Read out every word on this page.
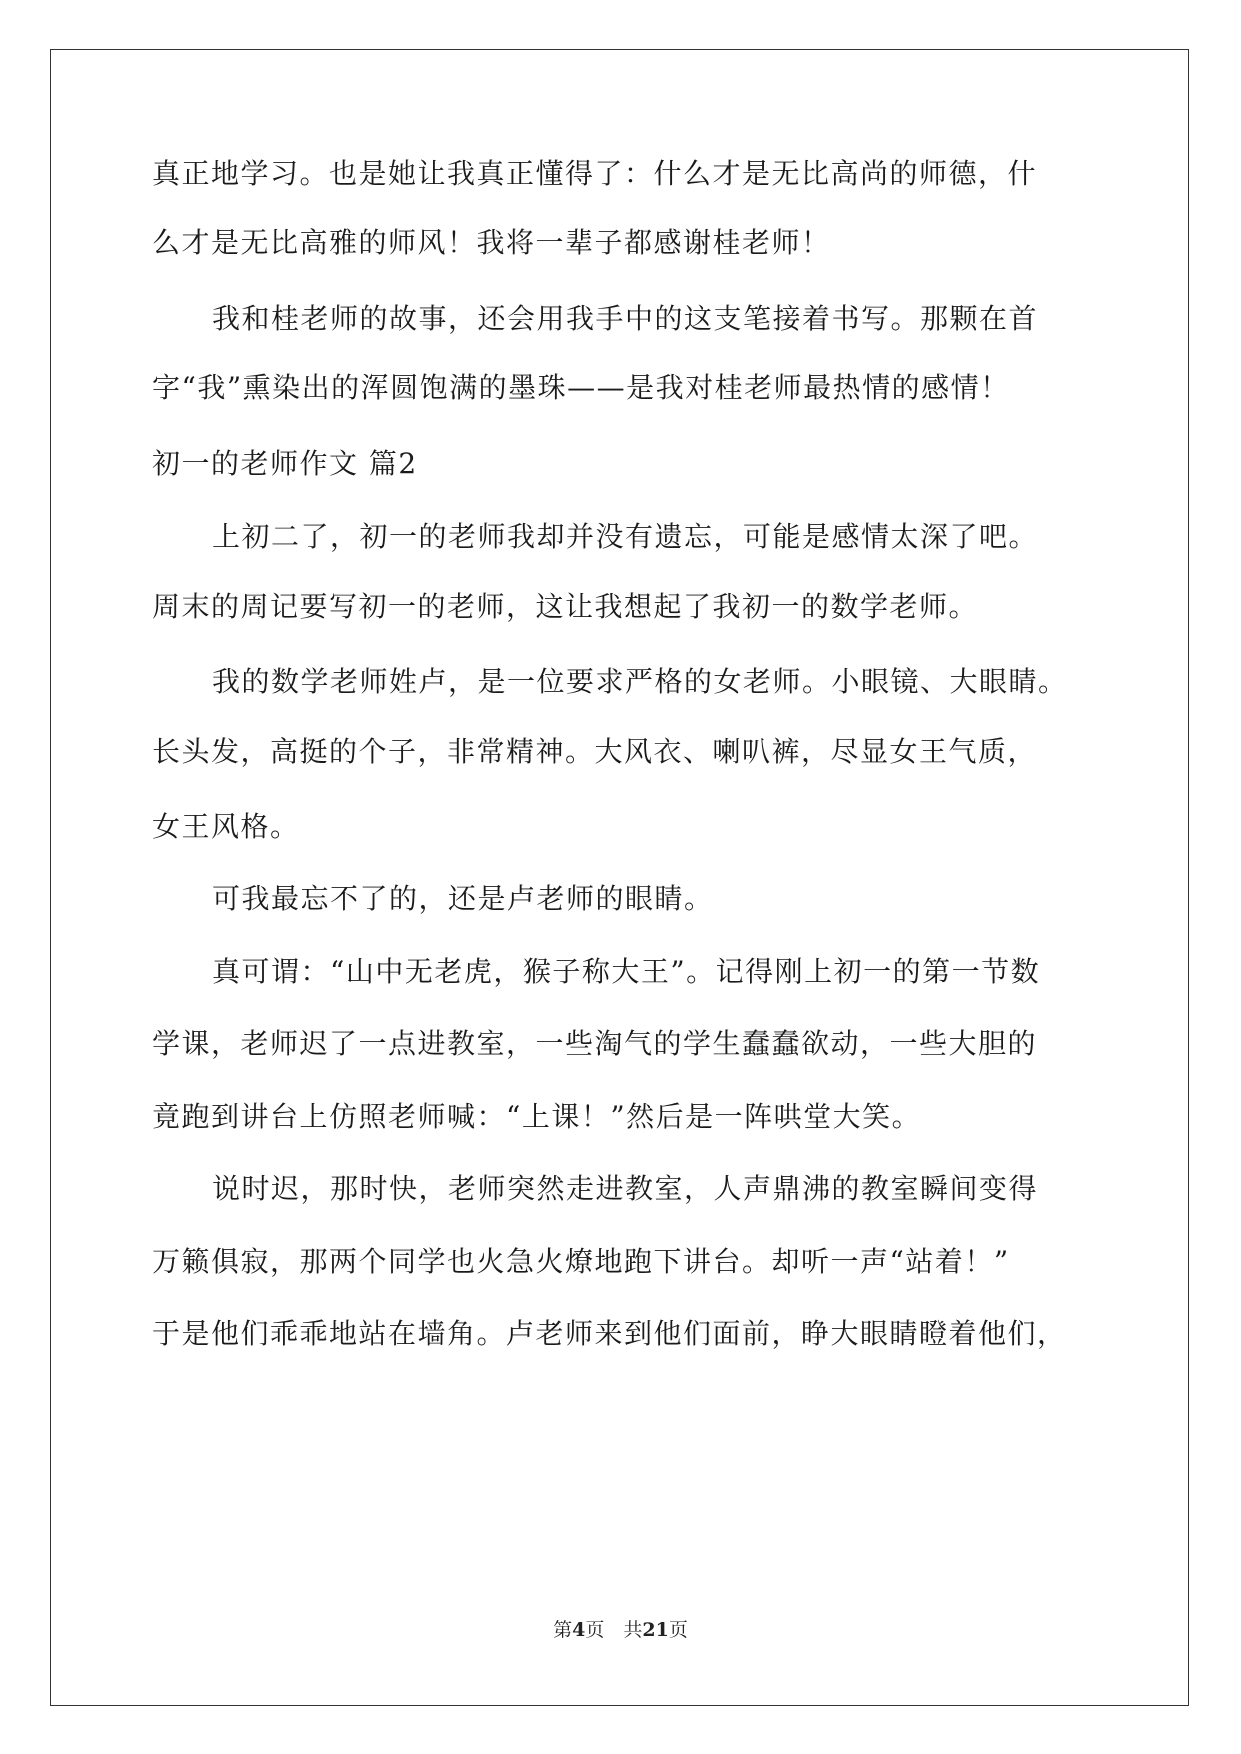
真正地学习。也是她让我真正懂得了：什么才是无比高尚的师德，什
么才是无比高雅的师风！我将一辈子都感谢桂老师！
我和桂老师的故事，还会用我手中的这支笔接着书写。那颗在首
字“我”熏染出的浑圆饱满的墨珠——是我对桂老师最热情的感情！
初一的老师作文 篇2
上初二了，初一的老师我却并没有遗忘，可能是感情太深了吧。
周末的周记要写初一的老师，这让我想起了我初一的数学老师。
我的数学老师姓卢，是一位要求严格的女老师。小眼镜、大眼睛。
长头发，高挺的个子，非常精神。大风衣、喇叭裤，尽显女王气质，
女王风格。
可我最忘不了的，还是卢老师的眼睛。
真可谓：“山中无老虎，猴子称大王”。记得刚上初一的第一节数
学课，老师迟了一点进教室，一些淘气的学生蠢蠢欲动，一些大胆的
竟跑到讲台上仿照老师喊：“上课！”然后是一阵哄堂大笑。
说时迟，那时快，老师突然走进教室，人声鼎沸的教室瞬间变得
万籁俱寂，那两个同学也火急火燎地跑下讲台。却听一声“站着！”
于是他们乖乖地站在墙角。卢老师来到他们面前，睁大眼睛瞪着他们，
第4页　共21页
